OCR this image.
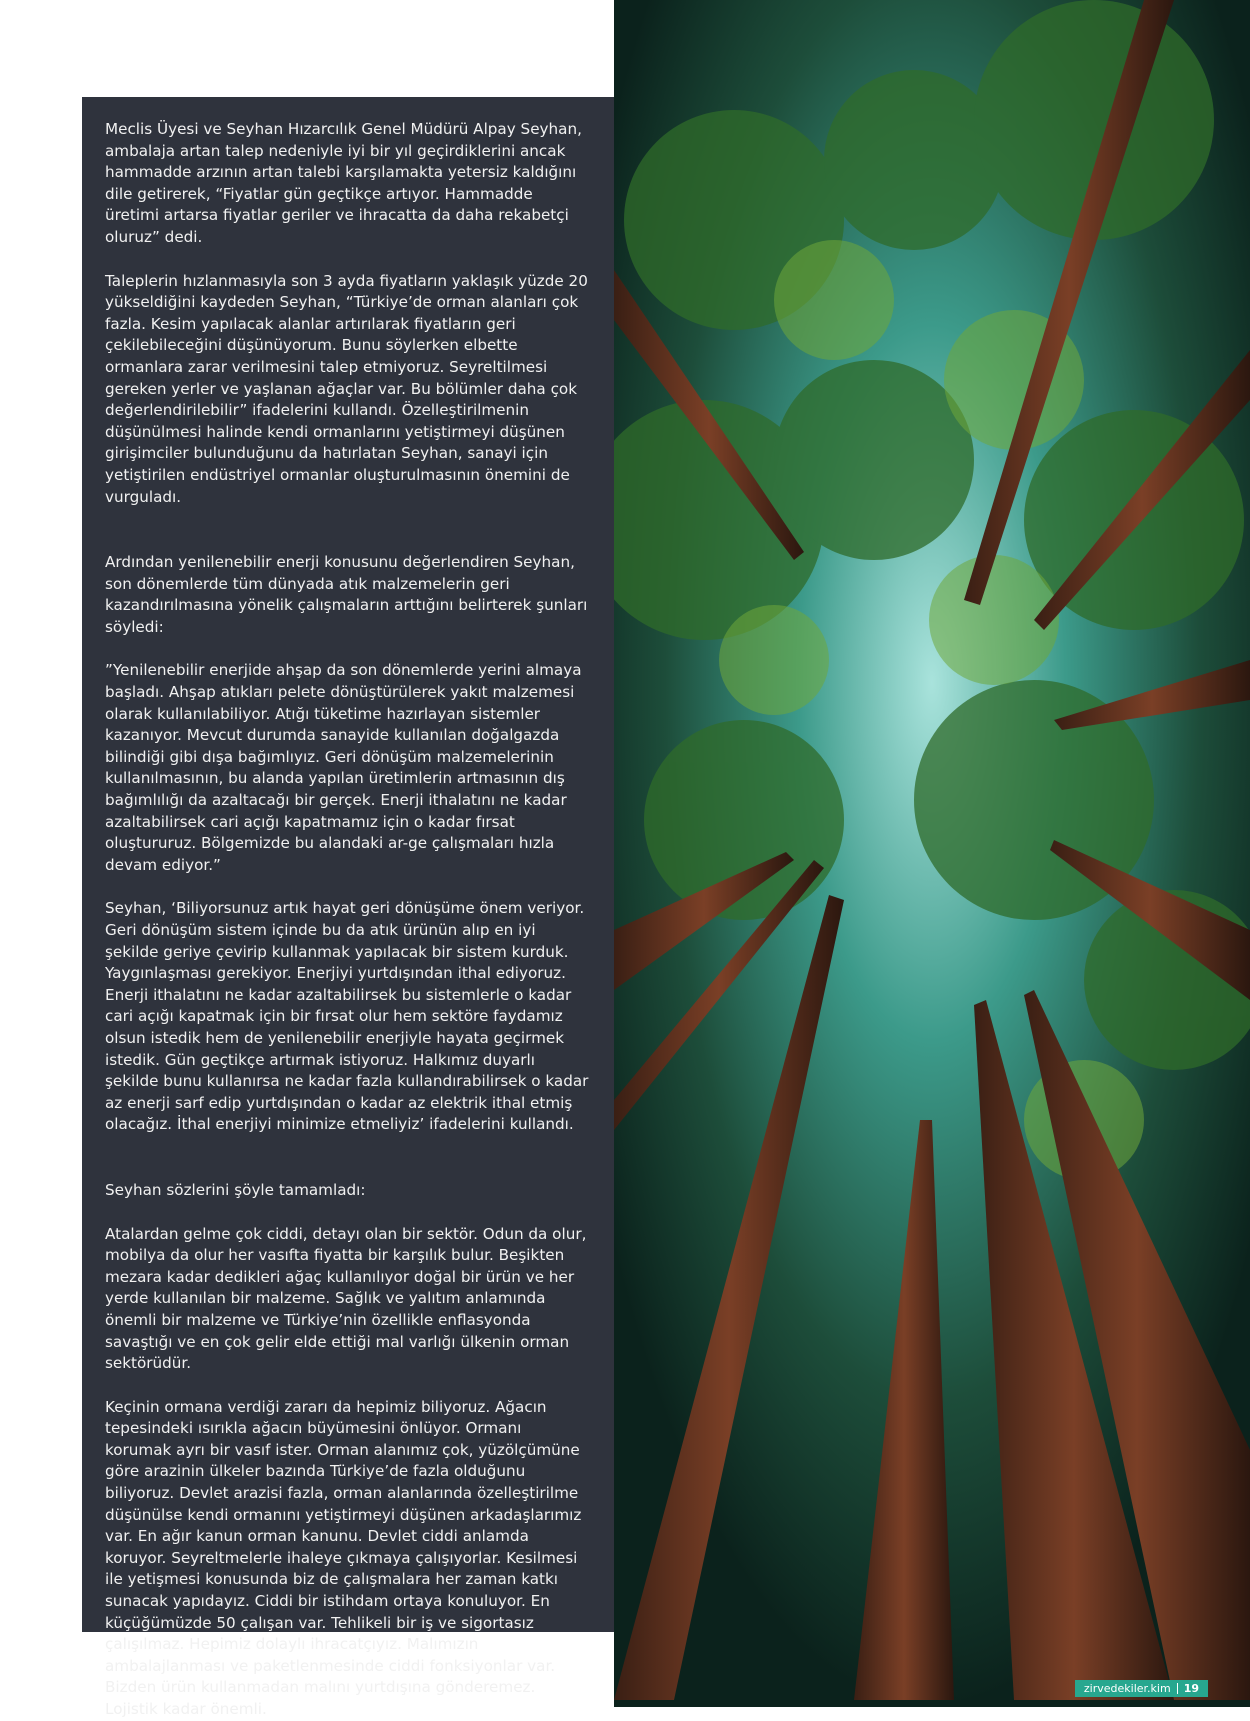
Meclis Üyesi ve Seyhan Hızarcılık Genel Müdürü Alpay Seyhan, ambalaja artan talep nedeniyle iyi bir yıl geçirdiklerini ancak hammadde arzının artan talebi karşılamakta yetersiz kaldığını dile getirerek, “Fiyatlar gün geçtikçe artıyor. Hammadde üretimi artarsa fiyatlar geriler ve ihracatta da daha rekabetçi oluruz” dedi.

Taleplerin hızlanmasıyla son 3 ayda fiyatların yaklaşık yüzde 20 yükseldiğini kaydeden Seyhan, “Türkiye’de orman alanları çok fazla. Kesim yapılacak alanlar artırılarak fiyatların geri çekilebileceğini düşünüyorum. Bunu söylerken elbette ormanlara zarar verilmesini talep etmiyoruz. Seyreltilmesi gereken yerler ve yaşlanan ağaçlar var. Bu bölümler daha çok değerlendirilebilir” ifadelerini kullandı. Özelleştirilmenin düşünülmesi halinde kendi ormanlarını yetiştirmeyi düşünen girişimciler bulunduğunu da hatırlatan Seyhan, sanayi için yetiştirilen endüstriyel ormanlar oluşturulmasının önemini de vurguladı.

Ardından yenilenebilir enerji konusunu değerlendiren Seyhan, son dönemlerde tüm dünyada atık malzemelerin geri kazandırılmasına yönelik çalışmaların arttığını belirterek şunları söyledi:

”Yenilenebilir enerjide ahşap da son dönemlerde yerini almaya başladı. Ahşap atıkları pelete dönüştürülerek yakıt malzemesi olarak kullanılabiliyor. Atığı tüketime hazırlayan sistemler kazanıyor. Mevcut durumda sanayide kullanılan doğalgazda bilindiği gibi dışa bağımlıyız. Geri dönüşüm malzemelerinin kullanılmasının, bu alanda yapılan üretimlerin artmasının dış bağımlılığı da azaltacağı bir gerçek. Enerji ithalatını ne kadar azaltabilirsek cari açığı kapatmamız için o kadar fırsat oluştururuz. Bölgemizde bu alandaki ar-ge çalışmaları hızla devam ediyor.”

Seyhan, ‘Biliyorsunuz artık hayat geri dönüşüme önem veriyor. Geri dönüşüm sistem içinde bu da atık ürünün alıp en iyi şekilde geriye çevirip kullanmak yapılacak bir sistem kurduk. Yaygınlaşması gerekiyor. Enerjiyi yurtdışından ithal ediyoruz. Enerji ithalatını ne kadar azaltabilirsek bu sistemlerle o kadar cari açığı kapatmak için bir fırsat olur hem sektöre faydamız olsun istedik hem de yenilenebilir enerjiyle hayata geçirmek istedik. Gün geçtikçe artırmak istiyoruz. Halkımız duyarlı şekilde bunu kullanırsa ne kadar fazla kullandırabilirsek o kadar az enerji sarf edip yurtdışından o kadar az elektrik ithal etmiş olacağız. İthal enerjiyi minimize etmeliyiz’ ifadelerini kullandı.

Seyhan sözlerini şöyle tamamladı:

Atalardan gelme çok ciddi, detayı olan bir sektör. Odun da olur, mobilya da olur her vasıfta fiyatta bir karşılık bulur. Beşikten mezara kadar dedikleri ağaç kullanılıyor doğal bir ürün ve her yerde kullanılan bir malzeme. Sağlık ve yalıtım anlamında önemli bir malzeme ve Türkiye’nin özellikle enflasyonda savaştığı ve en çok gelir elde ettiği mal varlığı ülkenin orman sektörüdür.

Keçinin ormana verdiği zararı da hepimiz biliyoruz. Ağacın tepesindeki ısırıkla ağacın büyümesini önlüyor. Ormanı korumak ayrı bir vasıf ister. Orman alanımız çok, yüzölçümüne göre arazinin ülkeler bazında Türkiye’de fazla olduğunu biliyoruz. Devlet arazisi fazla, orman alanlarında özelleştirilme düşünülse kendi ormanını yetiştirmeyi düşünen arkadaşlarımız var. En ağır kanun orman kanunu. Devlet ciddi anlamda koruyor. Seyreltmelerle ihaleye çıkmaya çalışıyorlar. Kesilmesi ile yetişmesi konusunda biz de çalışmalara her zaman katkı sunacak yapıdayız. Ciddi bir istihdam ortaya konuluyor. En küçüğümüzde 50 çalışan var. Tehlikeli bir iş ve sigortasız çalışılmaz. Hepimiz dolaylı ihracatçıyız. Malımızın ambalajlanması ve paketlenmesinde ciddi fonksiyonlar var. Bizden ürün kullanmadan malını yurtdışına gönderemez. Lojistik kadar önemli.

zirvedekiler.kim 19
